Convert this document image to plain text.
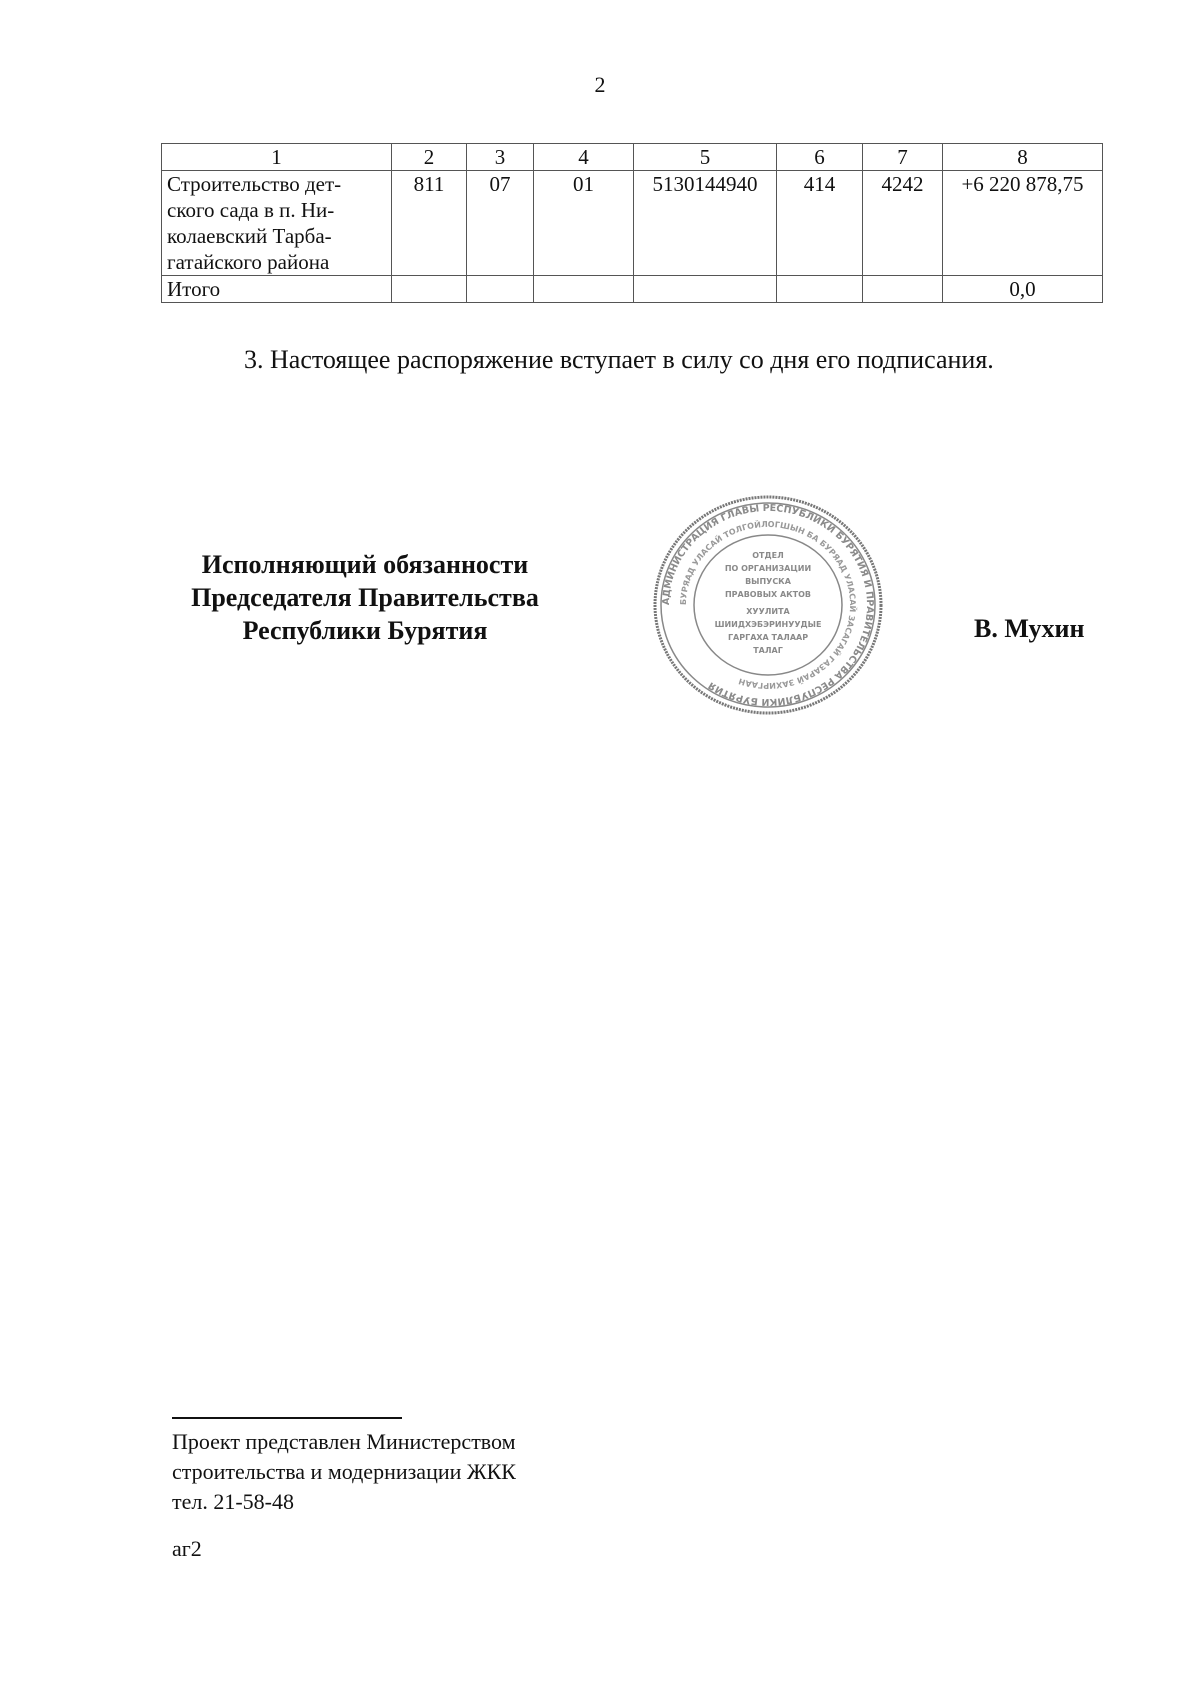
2
1	2	3	4	5	6	7	8
Строительство дет-ского сада в п. Ни-колаевский Тарба-гатайского района	811	07	01	5130144940	414	4242	+6 220 878,75
Итого							0,0
3. Настоящее распоряжение вступает в силу со дня его подписания.
Исполняющий обязанности
Председателя Правительства
Республики Бурятия
АДМИНИСТРАЦИЯ ГЛАВЫ РЕСПУБЛИКИ БУРЯТИЯ И ПРАВИТЕЛЬСТВА РЕСПУБЛИКИ БУРЯТИЯ
БУРЯАД УЛАСАЙ ТОЛГОЙЛОГШЫН БА БУРЯАД УЛАСАЙ ЗАСАГАЙ ГАЗАРАЙ ЗАХИРГААН
ОТДЕЛ
ПО ОРГАНИЗАЦИИ
ВЫПУСКА
ПРАВОВЫХ АКТОВ
ХУУЛИТА
ШИИДХЭБЭРИНУУДЫЕ
ГАРГАХА ТАЛААР
ТАЛАГ
В. Мухин
Проект представлен Министерством
строительства и модернизации ЖКК
тел. 21-58-48
аг2
